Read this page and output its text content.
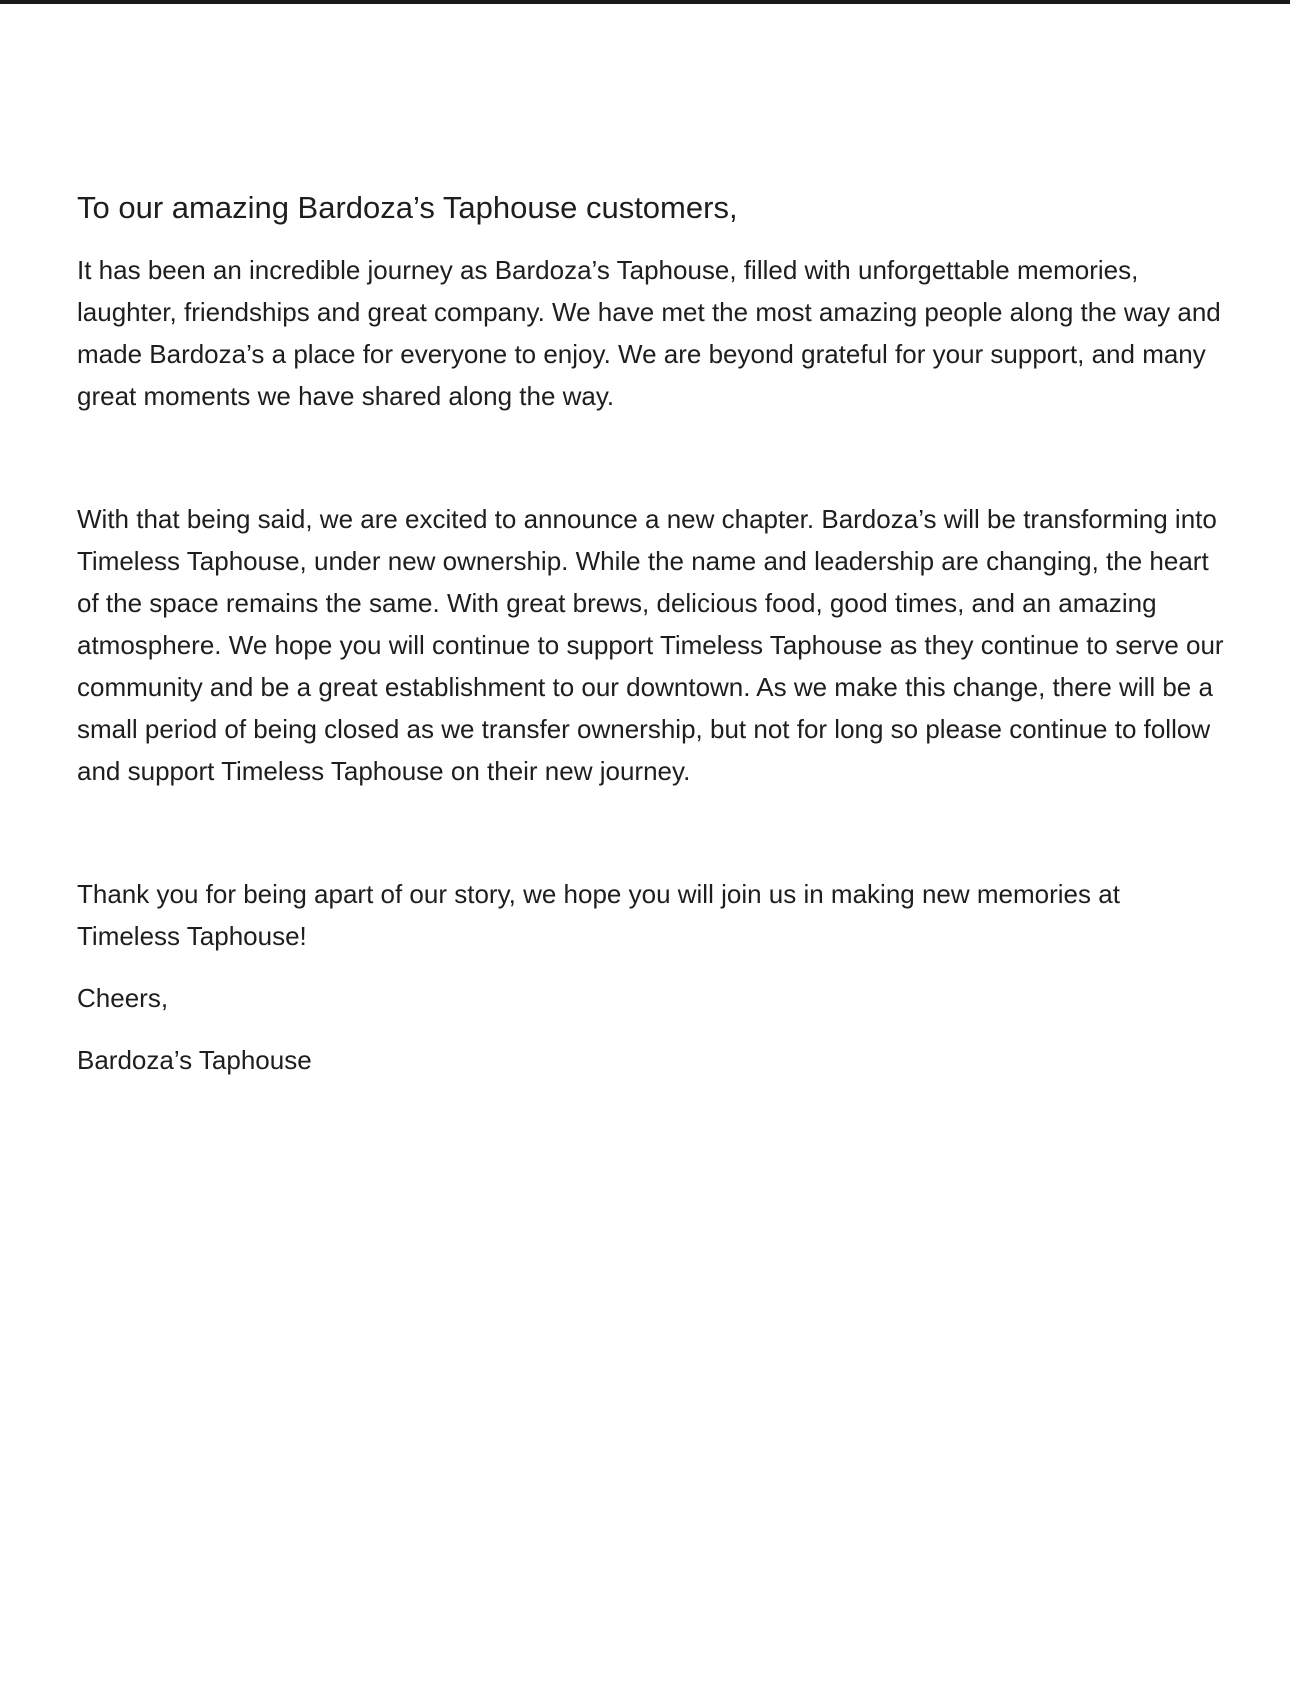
To our amazing Bardoza’s Taphouse customers,

It has been an incredible journey as Bardoza’s Taphouse, filled with unforgettable memories, laughter, friendships and great company. We have met the most amazing people along the way and made Bardoza’s a place for everyone to enjoy. We are beyond grateful for your support, and many great moments we have shared along the way.

With that being said, we are excited to announce a new chapter. Bardoza’s will be transforming into Timeless Taphouse, under new ownership. While the name and leadership are changing, the heart of the space remains the same. With great brews, delicious food, good times, and an amazing atmosphere. We hope you will continue to support Timeless Taphouse as they continue to serve our community and be a great establishment to our downtown. As we make this change, there will be a small period of being closed as we transfer ownership, but not for long so please continue to follow and support Timeless Taphouse on their new journey.

Thank you for being apart of our story, we hope you will join us in making new memories at Timeless Taphouse!

Cheers,

Bardoza’s Taphouse
